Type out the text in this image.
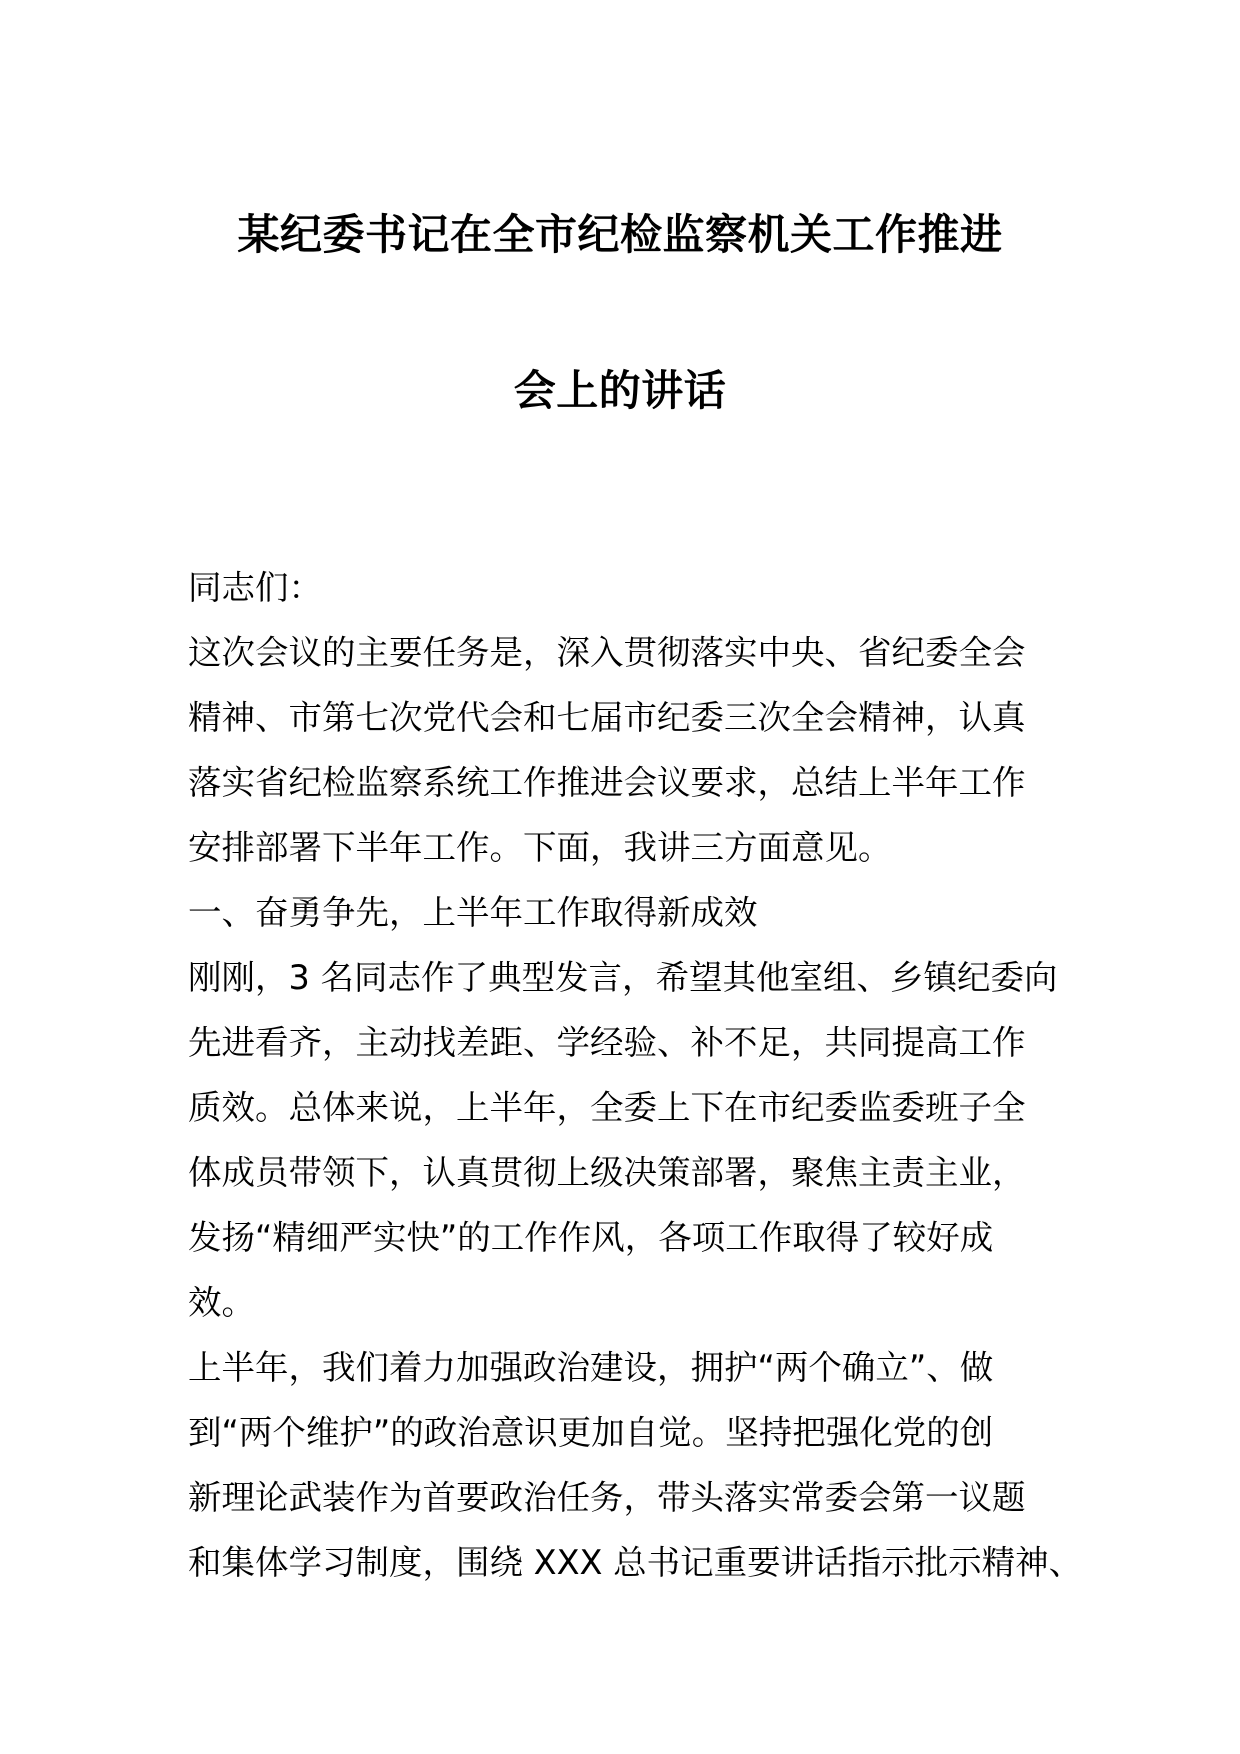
某纪委书记在全市纪检监察机关工作推进
会上的讲话
同志们：
这次会议的主要任务是，深入贯彻落实中央、省纪委全会
精神、市第七次党代会和七届市纪委三次全会精神，认真
落实省纪检监察系统工作推进会议要求，总结上半年工作
安排部署下半年工作。下面，我讲三方面意见。
一、奋勇争先，上半年工作取得新成效
刚刚，3 名同志作了典型发言，希望其他室组、乡镇纪委向
先进看齐，主动找差距、学经验、补不足，共同提高工作
质效。总体来说，上半年，全委上下在市纪委监委班子全
体成员带领下，认真贯彻上级决策部署，聚焦主责主业，
发扬“精细严实快”的工作作风，各项工作取得了较好成
效。
上半年，我们着力加强政治建设，拥护“两个确立”、做
到“两个维护”的政治意识更加自觉。坚持把强化党的创
新理论武装作为首要政治任务，带头落实常委会第一议题
和集体学习制度，围绕 XXX 总书记重要讲话指示批示精神、
